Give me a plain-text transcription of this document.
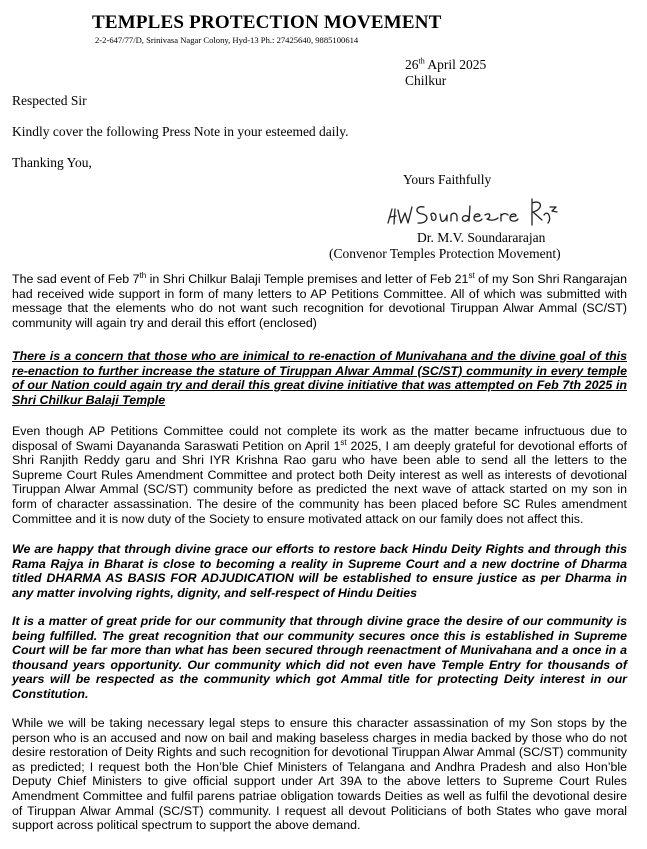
TEMPLES PROTECTION MOVEMENT
2-2-647/77/D, Srinivasa Nagar Colony, Hyd-13 Ph.: 27425640, 9885100614
26th April 2025
Chilkur
Respected Sir
Kindly cover the following Press Note in your esteemed daily.
Thanking You,
Yours Faithfully
Dr. M.V. Soundararajan
(Convenor Temples Protection Movement)
The sad event of Feb 7th in Shri Chilkur Balaji Temple premises and letter of Feb 21st of my Son Shri Rangarajan had received wide support in form of many letters to AP Petitions Committee. All of which was submitted with message that the elements who do not want such recognition for devotional Tiruppan Alwar Ammal (SC/ST) community will again try and derail this effort (enclosed)
There is a concern that those who are inimical to re-enaction of Munivahana and the divine goal of this re-enaction to further increase the stature of Tiruppan Alwar Ammal (SC/ST) community in every temple of our Nation could again try and derail this great divine initiative that was attempted on Feb 7th 2025 in Shri Chilkur Balaji Temple
Even though AP Petitions Committee could not complete its work as the matter became infructuous due to disposal of Swami Dayananda Saraswati Petition on April 1st 2025, I am deeply grateful for devotional efforts of Shri Ranjith Reddy garu and Shri IYR Krishna Rao garu who have been able to send all the letters to the Supreme Court Rules Amendment Committee and protect both Deity interest as well as interests of devotional Tiruppan Alwar Ammal (SC/ST) community before as predicted the next wave of attack started on my son in form of character assassination. The desire of the community has been placed before SC Rules amendment Committee and it is now duty of the Society to ensure motivated attack on our family does not affect this.
We are happy that through divine grace our efforts to restore back Hindu Deity Rights and through this Rama Rajya in Bharat is close to becoming a reality in Supreme Court and a new doctrine of Dharma titled DHARMA AS BASIS FOR ADJUDICATION will be established to ensure justice as per Dharma in any matter involving rights, dignity, and self-respect of Hindu Deities
It is a matter of great pride for our community that through divine grace the desire of our community is being fulfilled. The great recognition that our community secures once this is established in Supreme Court will be far more than what has been secured through reenactment of Munivahana and a once in a thousand years opportunity. Our community which did not even have Temple Entry for thousands of years will be respected as the community which got Ammal title for protecting Deity interest in our Constitution.
While we will be taking necessary legal steps to ensure this character assassination of my Son stops by the person who is an accused and now on bail and making baseless charges in media backed by those who do not desire restoration of Deity Rights and such recognition for devotional Tiruppan Alwar Ammal (SC/ST) community as predicted; I request both the Hon’ble Chief Ministers of Telangana and Andhra Pradesh and also Hon’ble Deputy Chief Ministers to give official support under Art 39A to the above letters to Supreme Court Rules Amendment Committee and fulfil parens patriae obligation towards Deities as well as fulfil the devotional desire of Tiruppan Alwar Ammal (SC/ST) community. I request all devout Politicians of both States who gave moral support across political spectrum to support the above demand.
